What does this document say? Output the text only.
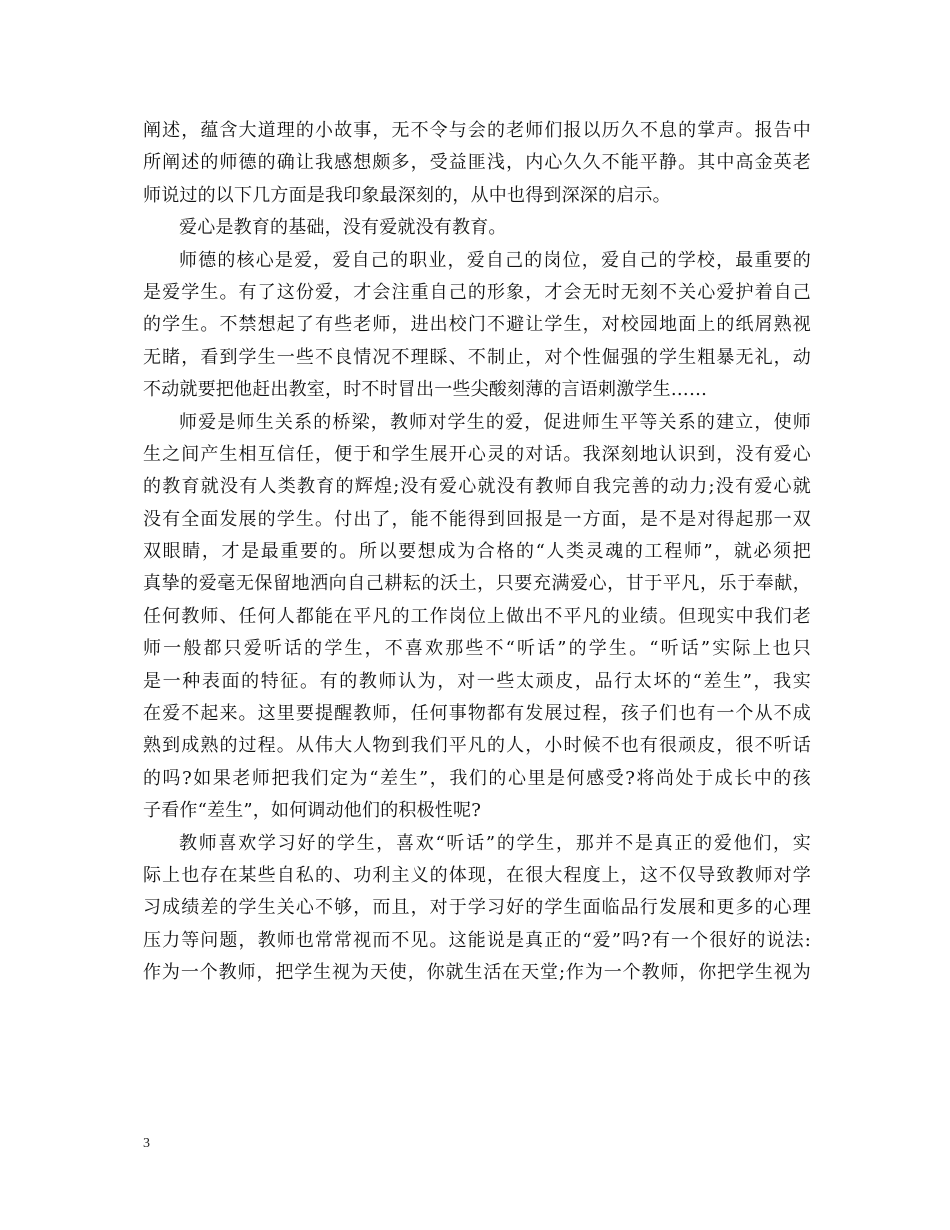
阐述，蕴含大道理的小故事，无不令与会的老师们报以历久不息的掌声。报告中
所阐述的师德的确让我感想颇多，受益匪浅，内心久久不能平静。其中高金英老
师说过的以下几方面是我印象最深刻的，从中也得到深深的启示。
爱心是教育的基础，没有爱就没有教育。
师德的核心是爱，爱自己的职业，爱自己的岗位，爱自己的学校，最重要的
是爱学生。有了这份爱，才会注重自己的形象，才会无时无刻不关心爱护着自己
的学生。不禁想起了有些老师，进出校门不避让学生，对校园地面上的纸屑熟视
无睹，看到学生一些不良情况不理睬、不制止，对个性倔强的学生粗暴无礼，动
不动就要把他赶出教室，时不时冒出一些尖酸刻薄的言语刺激学生……
师爱是师生关系的桥梁，教师对学生的爱，促进师生平等关系的建立，使师
生之间产生相互信任，便于和学生展开心灵的对话。我深刻地认识到，没有爱心
的教育就没有人类教育的辉煌;没有爱心就没有教师自我完善的动力;没有爱心就
没有全面发展的学生。付出了，能不能得到回报是一方面，是不是对得起那一双
双眼睛，才是最重要的。所以要想成为合格的“人类灵魂的工程师”，就必须把
真挚的爱毫无保留地洒向自己耕耘的沃土，只要充满爱心，甘于平凡，乐于奉献，
任何教师、任何人都能在平凡的工作岗位上做出不平凡的业绩。但现实中我们老
师一般都只爱听话的学生，不喜欢那些不“听话”的学生。“听话”实际上也只
是一种表面的特征。有的教师认为，对一些太顽皮，品行太坏的“差生”，我实
在爱不起来。这里要提醒教师，任何事物都有发展过程，孩子们也有一个从不成
熟到成熟的过程。从伟大人物到我们平凡的人，小时候不也有很顽皮，很不听话
的吗?如果老师把我们定为“差生”，我们的心里是何感受?将尚处于成长中的孩
子看作“差生”，如何调动他们的积极性呢?
教师喜欢学习好的学生，喜欢“听话”的学生，那并不是真正的爱他们，实
际上也存在某些自私的、功利主义的体现，在很大程度上，这不仅导致教师对学
习成绩差的学生关心不够，而且，对于学习好的学生面临品行发展和更多的心理
压力等问题，教师也常常视而不见。这能说是真正的“爱”吗?有一个很好的说法:
作为一个教师，把学生视为天使，你就生活在天堂;作为一个教师，你把学生视为
3
